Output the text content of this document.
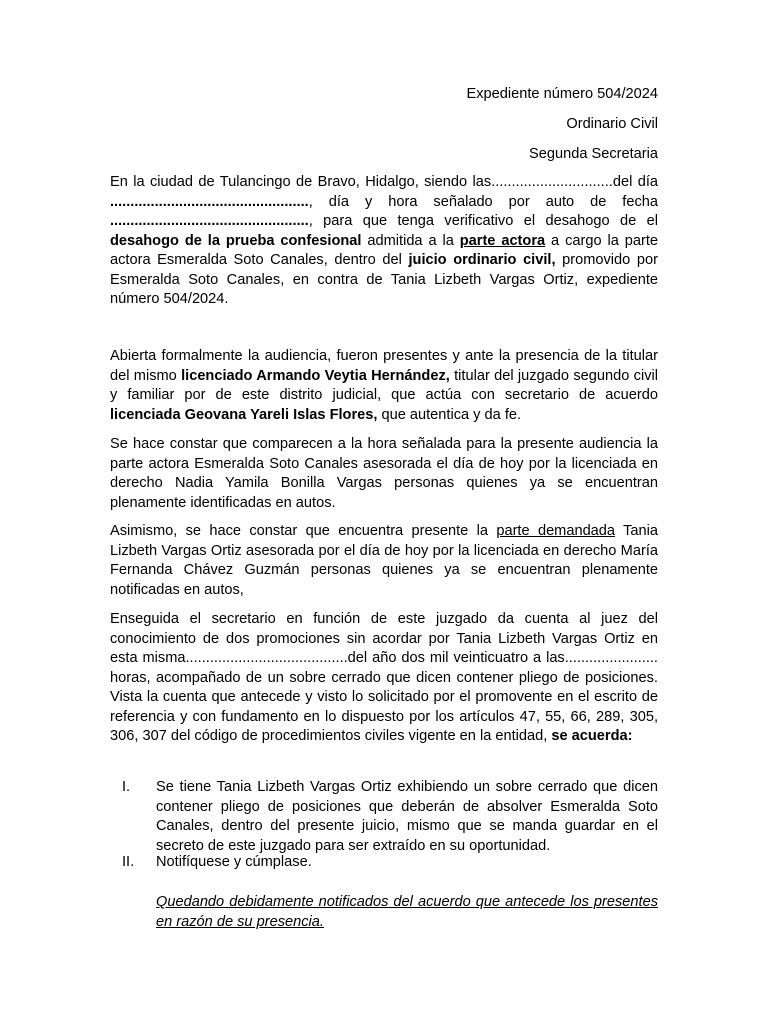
Expediente número 504/2024
Ordinario Civil
Segunda Secretaria
En la ciudad de Tulancingo de Bravo, Hidalgo, siendo las..............................del día ................................................., día y hora señalado por auto de fecha ................................................., para que tenga verificativo el desahogo de el desahogo de la prueba confesional admitida a la parte actora a cargo la parte actora Esmeralda Soto Canales, dentro del juicio ordinario civil, promovido por Esmeralda Soto Canales, en contra de Tania Lizbeth Vargas Ortiz, expediente número 504/2024.
Abierta formalmente la audiencia, fueron presentes y ante la presencia de la titular del mismo licenciado Armando Veytia Hernández, titular del juzgado segundo civil y familiar por de este distrito judicial, que actúa con secretario de acuerdo licenciada Geovana Yareli Islas Flores, que autentica y da fe.
Se hace constar que comparecen a la hora señalada para la presente audiencia la parte actora Esmeralda Soto Canales asesorada el día de hoy por la licenciada en derecho Nadia Yamila Bonilla Vargas personas quienes ya se encuentran plenamente identificadas en autos.
Asimismo, se hace constar que encuentra presente la parte demandada Tania Lizbeth Vargas Ortiz asesorada por el día de hoy por la licenciada en derecho María Fernanda Chávez Guzmán personas quienes ya se encuentran plenamente notificadas en autos,
Enseguida el secretario en función de este juzgado da cuenta al juez del conocimiento de dos promociones sin acordar por Tania Lizbeth Vargas Ortiz en esta misma........................................del año dos mil veinticuatro a las....................... horas, acompañado de un sobre cerrado que dicen contener pliego de posiciones. Vista la cuenta que antecede y visto lo solicitado por el promovente en el escrito de referencia y con fundamento en lo dispuesto por los artículos 47, 55, 66, 289, 305, 306, 307 del código de procedimientos civiles vigente en la entidad, se acuerda:
I. Se tiene Tania Lizbeth Vargas Ortiz exhibiendo un sobre cerrado que dicen contener pliego de posiciones que deberán de absolver Esmeralda Soto Canales, dentro del presente juicio, mismo que se manda guardar en el secreto de este juzgado para ser extraído en su oportunidad.
II. Notifíquese y cúmplase.
Quedando debidamente notificados del acuerdo que antecede los presentes en razón de su presencia.
